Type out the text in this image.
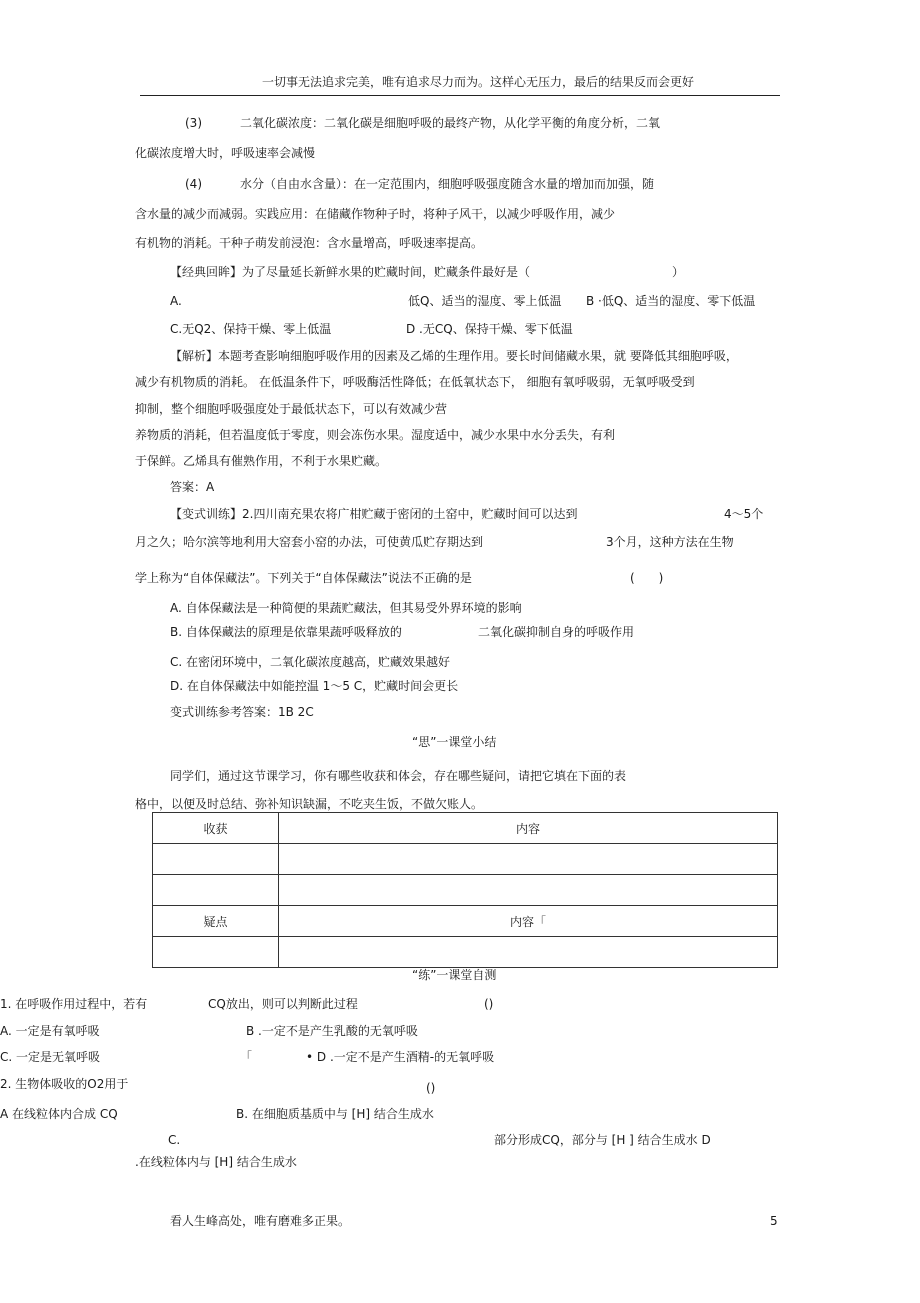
一切事无法追求完美，唯有追求尽力而为。这样心无压力，最后的结果反而会更好
(3)	二氧化碳浓度：二氧化碳是细胞呼吸的最终产物，从化学平衡的角度分析，二氧
化碳浓度增大时，呼吸速率会减慢
(4)	水分（自由水含量）：在一定范围内，细胞呼吸强度随含水量的增加而加强，随
含水量的减少而减弱。实践应用：在储藏作物种子时，将种子风干，以减少呼吸作用，减少
有机物的消耗。干种子萌发前浸泡：含水量增高，呼吸速率提高。
【经典回眸】为了尽量延长新鲜水果的贮藏时间，贮藏条件最好是（	）
A.	低Q、适当的湿度、零上低温 B ·低Q、适当的湿度、零下低温
C.无Q2、保持干燥、零上低温	D .无CQ、保持干燥、零下低温
【解析】本题考查影响细胞呼吸作用的因素及乙烯的生理作用。要长时间储藏水果，就 要降低其细胞呼吸，
减少有机物质的消耗。 在低温条件下，呼吸酶活性降低；在低氧状态下， 细胞有氧呼吸弱，无氧呼吸受到
抑制，整个细胞呼吸强度处于最低状态下，可以有效减少营
养物质的消耗，但若温度低于零度，则会冻伤水果。湿度适中，减少水果中水分丢失，有利
于保鲜。乙烯具有催熟作用，不利于水果贮藏。
答案：A
【变式训练】2.四川南充果农将广柑贮藏于密闭的土窑中，贮藏时间可以达到	4～5个
月之久；哈尔滨等地利用大窑套小窑的办法，可使黄瓜贮存期达到	3个月，这种方法在生物
学上称为“自体保藏法”。下列关于“自体保藏法”说法不正确的是	(　　)
A. 自体保藏法是一种简便的果蔬贮藏法，但其易受外界环境的影响
B. 自体保藏法的原理是依靠果蔬呼吸释放的	二氧化碳抑制自身的呼吸作用
C. 在密闭环境中，二氧化碳浓度越高，贮藏效果越好
D. 在自体保藏法中如能控温 1～5 C，贮藏时间会更长
变式训练参考答案：1B 2C
“思”一课堂小结
同学们，通过这节课学习，你有哪些收获和体会，存在哪些疑问，请把它填在下面的表
格中，以便及时总结、弥补知识缺漏，不吃夹生饭，不做欠账人。
收获	内容

疑点	内容「

“练”一课堂自测
1. 在呼吸作用过程中，若有	CQ放出，则可以判断此过程	()
A. 一定是有氧呼吸	B .一定不是产生乳酸的无氧呼吸
C. 一定是无氧呼吸	「	• D .一定不是产生酒精-的无氧呼吸
2. 生物体吸收的O2用于	()
A 在线粒体内合成 CQ	B. 在细胞质基质中与 [H] 结合生成水
C.	部分形成CQ，部分与 [H ] 结合生成水 D
.在线粒体内与 [H] 结合生成水
看人生峰高处，唯有磨难多正果。	5
